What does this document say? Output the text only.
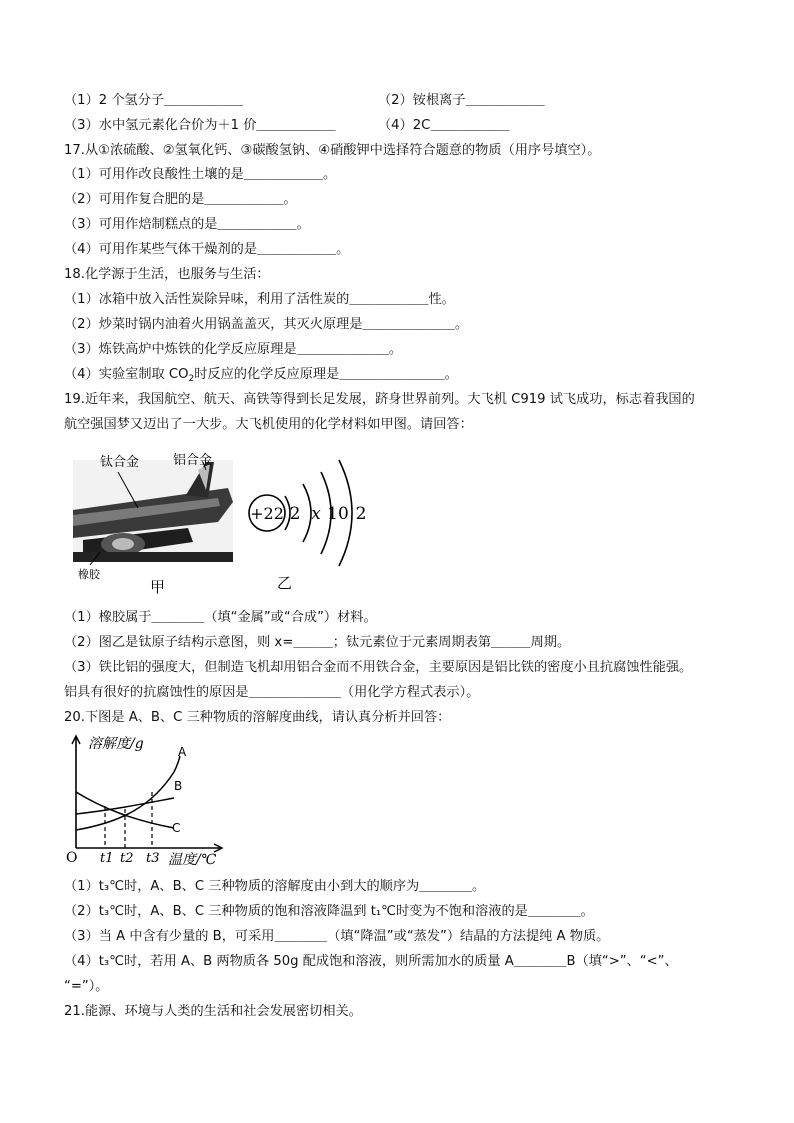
（1）2 个氢分子＿＿＿＿＿＿	（2）铵根离子＿＿＿＿＿＿
（3）水中氢元素化合价为＋1 价＿＿＿＿＿＿	（4）2C＿＿＿＿＿＿
17.从①浓硫酸、②氢氧化钙、③碳酸氢钠、④硝酸钾中选择符合题意的物质（用序号填空）。
（1）可用作改良酸性土壤的是＿＿＿＿＿＿。
（2）可用作复合肥的是＿＿＿＿＿＿。
（3）可用作焙制糕点的是＿＿＿＿＿＿。
（4）可用作某些气体干燥剂的是＿＿＿＿＿＿。
18.化学源于生活，也服务与生活：
（1）冰箱中放入活性炭除异味，利用了活性炭的＿＿＿＿＿＿性。
（2）炒菜时锅内油着火用锅盖盖灭，其灭火原理是＿＿＿＿＿＿＿。
（3）炼铁高炉中炼铁的化学反应原理是＿＿＿＿＿＿＿。
（4）实验室制取 $CO_2$时反应的化学反应原理是＿＿＿＿＿＿＿＿。
19.近年来，我国航空、航天、高铁等得到长足发展，跻身世界前列。大飞机 C919 试飞成功，标志着我国的
航空强国梦又迈出了一大步。大飞机使用的化学材料如甲图。请回答：
钛合金	铝合金
橡胶
甲
+22 2 x 10 2
乙
（1）橡胶属于＿＿＿＿（填“金属”或“合成”）材料。
（2）图乙是钛原子结构示意图，则 x=＿＿＿；钛元素位于元素周期表第＿＿＿周期。
（3）铁比铝的强度大，但制造飞机却用铝合金而不用铁合金，主要原因是铝比铁的密度小且抗腐蚀性能强。
铝具有很好的抗腐蚀性的原因是＿＿＿＿＿＿＿（用化学方程式表示）。
20.下图是 A、B、C 三种物质的溶解度曲线，请认真分析并回答：
溶解度/g
O
A
B
C
t1 t2 t3 温度/℃
（1）t₃℃时，A、B、C 三种物质的溶解度由小到大的顺序为＿＿＿＿。
（2）t₃℃时，A、B、C 三种物质的饱和溶液降温到 t₁℃时变为不饱和溶液的是＿＿＿＿。
（3）当 A 中含有少量的 B，可采用＿＿＿＿（填“降温”或“蒸发”）结晶的方法提纯 A 物质。
（4）t₃℃时，若用 A、B 两物质各 50g 配成饱和溶液，则所需加水的质量 A＿＿＿＿B（填“>”、“<”、
“=”）。
21.能源、环境与人类的生活和社会发展密切相关。
